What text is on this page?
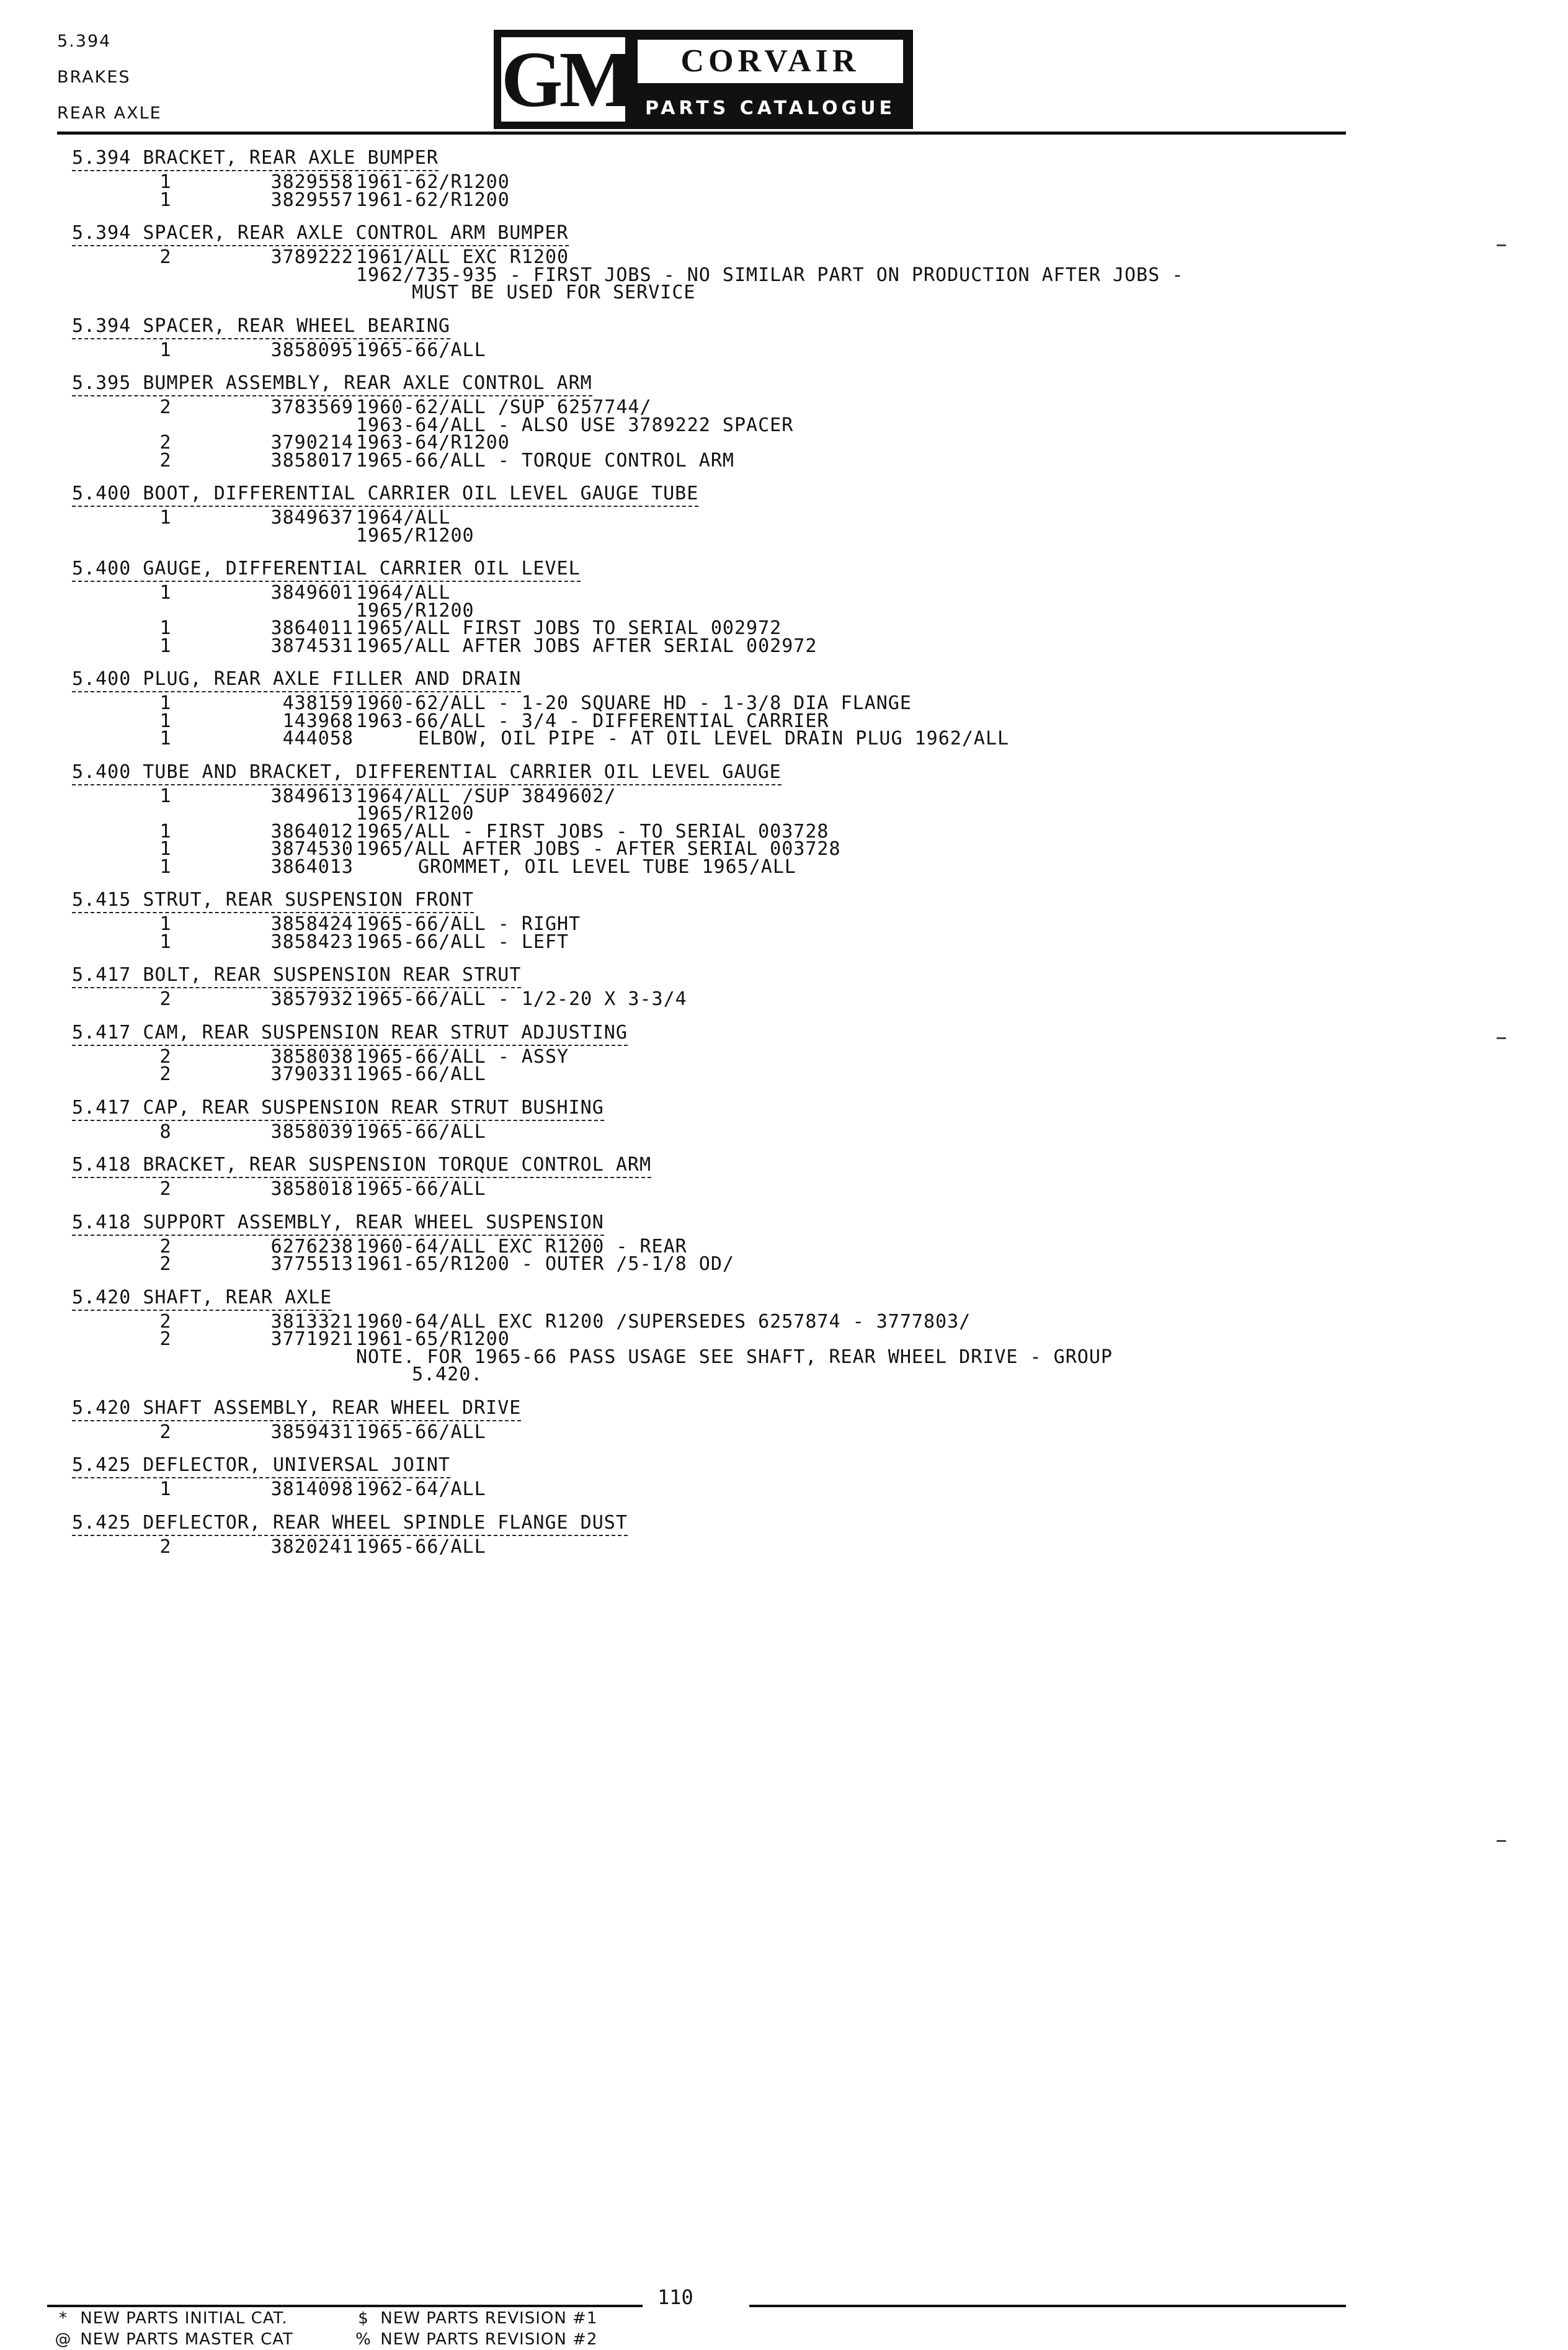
5.394
BRAKES
REAR AXLE	GM	CORVAIR
PARTS CATALOGUE
5.394 BRACKET, REAR AXLE BUMPER
1	3829558 1961-62/R1200
1	3829557 1961-62/R1200
5.394 SPACER, REAR AXLE CONTROL ARM BUMPER
2	3789222 1961/ALL EXC R1200
1962/735-935 - FIRST JOBS - NO SIMILAR PART ON PRODUCTION AFTER JOBS -
MUST BE USED FOR SERVICE
5.394 SPACER, REAR WHEEL BEARING
1	3858095 1965-66/ALL
5.395 BUMPER ASSEMBLY, REAR AXLE CONTROL ARM
2	3783569 1960-62/ALL /SUP 6257744/
1963-64/ALL - ALSO USE 3789222 SPACER
2	3790214 1963-64/R1200
2	3858017 1965-66/ALL - TORQUE CONTROL ARM
5.400 BOOT, DIFFERENTIAL CARRIER OIL LEVEL GAUGE TUBE
1	3849637 1964/ALL
1965/R1200
5.400 GAUGE, DIFFERENTIAL CARRIER OIL LEVEL
1	3849601 1964/ALL
1965/R1200
1	3864011 1965/ALL FIRST JOBS TO SERIAL 002972
1	3874531 1965/ALL AFTER JOBS AFTER SERIAL 002972
5.400 PLUG, REAR AXLE FILLER AND DRAIN
1	438159 1960-62/ALL - 1-20 SQUARE HD - 1-3/8 DIA FLANGE
1	143968 1963-66/ALL - 3/4 - DIFFERENTIAL CARRIER
1	444058	ELBOW, OIL PIPE - AT OIL LEVEL DRAIN PLUG 1962/ALL
5.400 TUBE AND BRACKET, DIFFERENTIAL CARRIER OIL LEVEL GAUGE
1	3849613 1964/ALL /SUP 3849602/
1965/R1200
1	3864012 1965/ALL - FIRST JOBS - TO SERIAL 003728
1	3874530 1965/ALL AFTER JOBS - AFTER SERIAL 003728
1	3864013	GROMMET, OIL LEVEL TUBE 1965/ALL
5.415 STRUT, REAR SUSPENSION FRONT
1	3858424 1965-66/ALL - RIGHT
1	3858423 1965-66/ALL - LEFT
5.417 BOLT, REAR SUSPENSION REAR STRUT
2	3857932 1965-66/ALL - 1/2-20 X 3-3/4
5.417 CAM, REAR SUSPENSION REAR STRUT ADJUSTING
2	3858038 1965-66/ALL - ASSY
2	3790331 1965-66/ALL
5.417 CAP, REAR SUSPENSION REAR STRUT BUSHING
8	3858039 1965-66/ALL
5.418 BRACKET, REAR SUSPENSION TORQUE CONTROL ARM
2	3858018 1965-66/ALL
5.418 SUPPORT ASSEMBLY, REAR WHEEL SUSPENSION
2	6276238 1960-64/ALL EXC R1200 - REAR
2	3775513 1961-65/R1200 - OUTER /5-1/8 OD/
5.420 SHAFT, REAR AXLE
2	3813321 1960-64/ALL EXC R1200 /SUPERSEDES 6257874 - 3777803/
2	3771921 1961-65/R1200
NOTE. FOR 1965-66 PASS USAGE SEE SHAFT, REAR WHEEL DRIVE - GROUP
5.420.
5.420 SHAFT ASSEMBLY, REAR WHEEL DRIVE
2	3859431 1965-66/ALL
5.425 DEFLECTOR, UNIVERSAL JOINT
1	3814098 1962-64/ALL
5.425 DEFLECTOR, REAR WHEEL SPINDLE FLANGE DUST
2	3820241 1965-66/ALL
110
* NEW PARTS INITIAL CAT.
@ NEW PARTS MASTER CAT
$ NEW PARTS REVISION #1
% NEW PARTS REVISION #2
